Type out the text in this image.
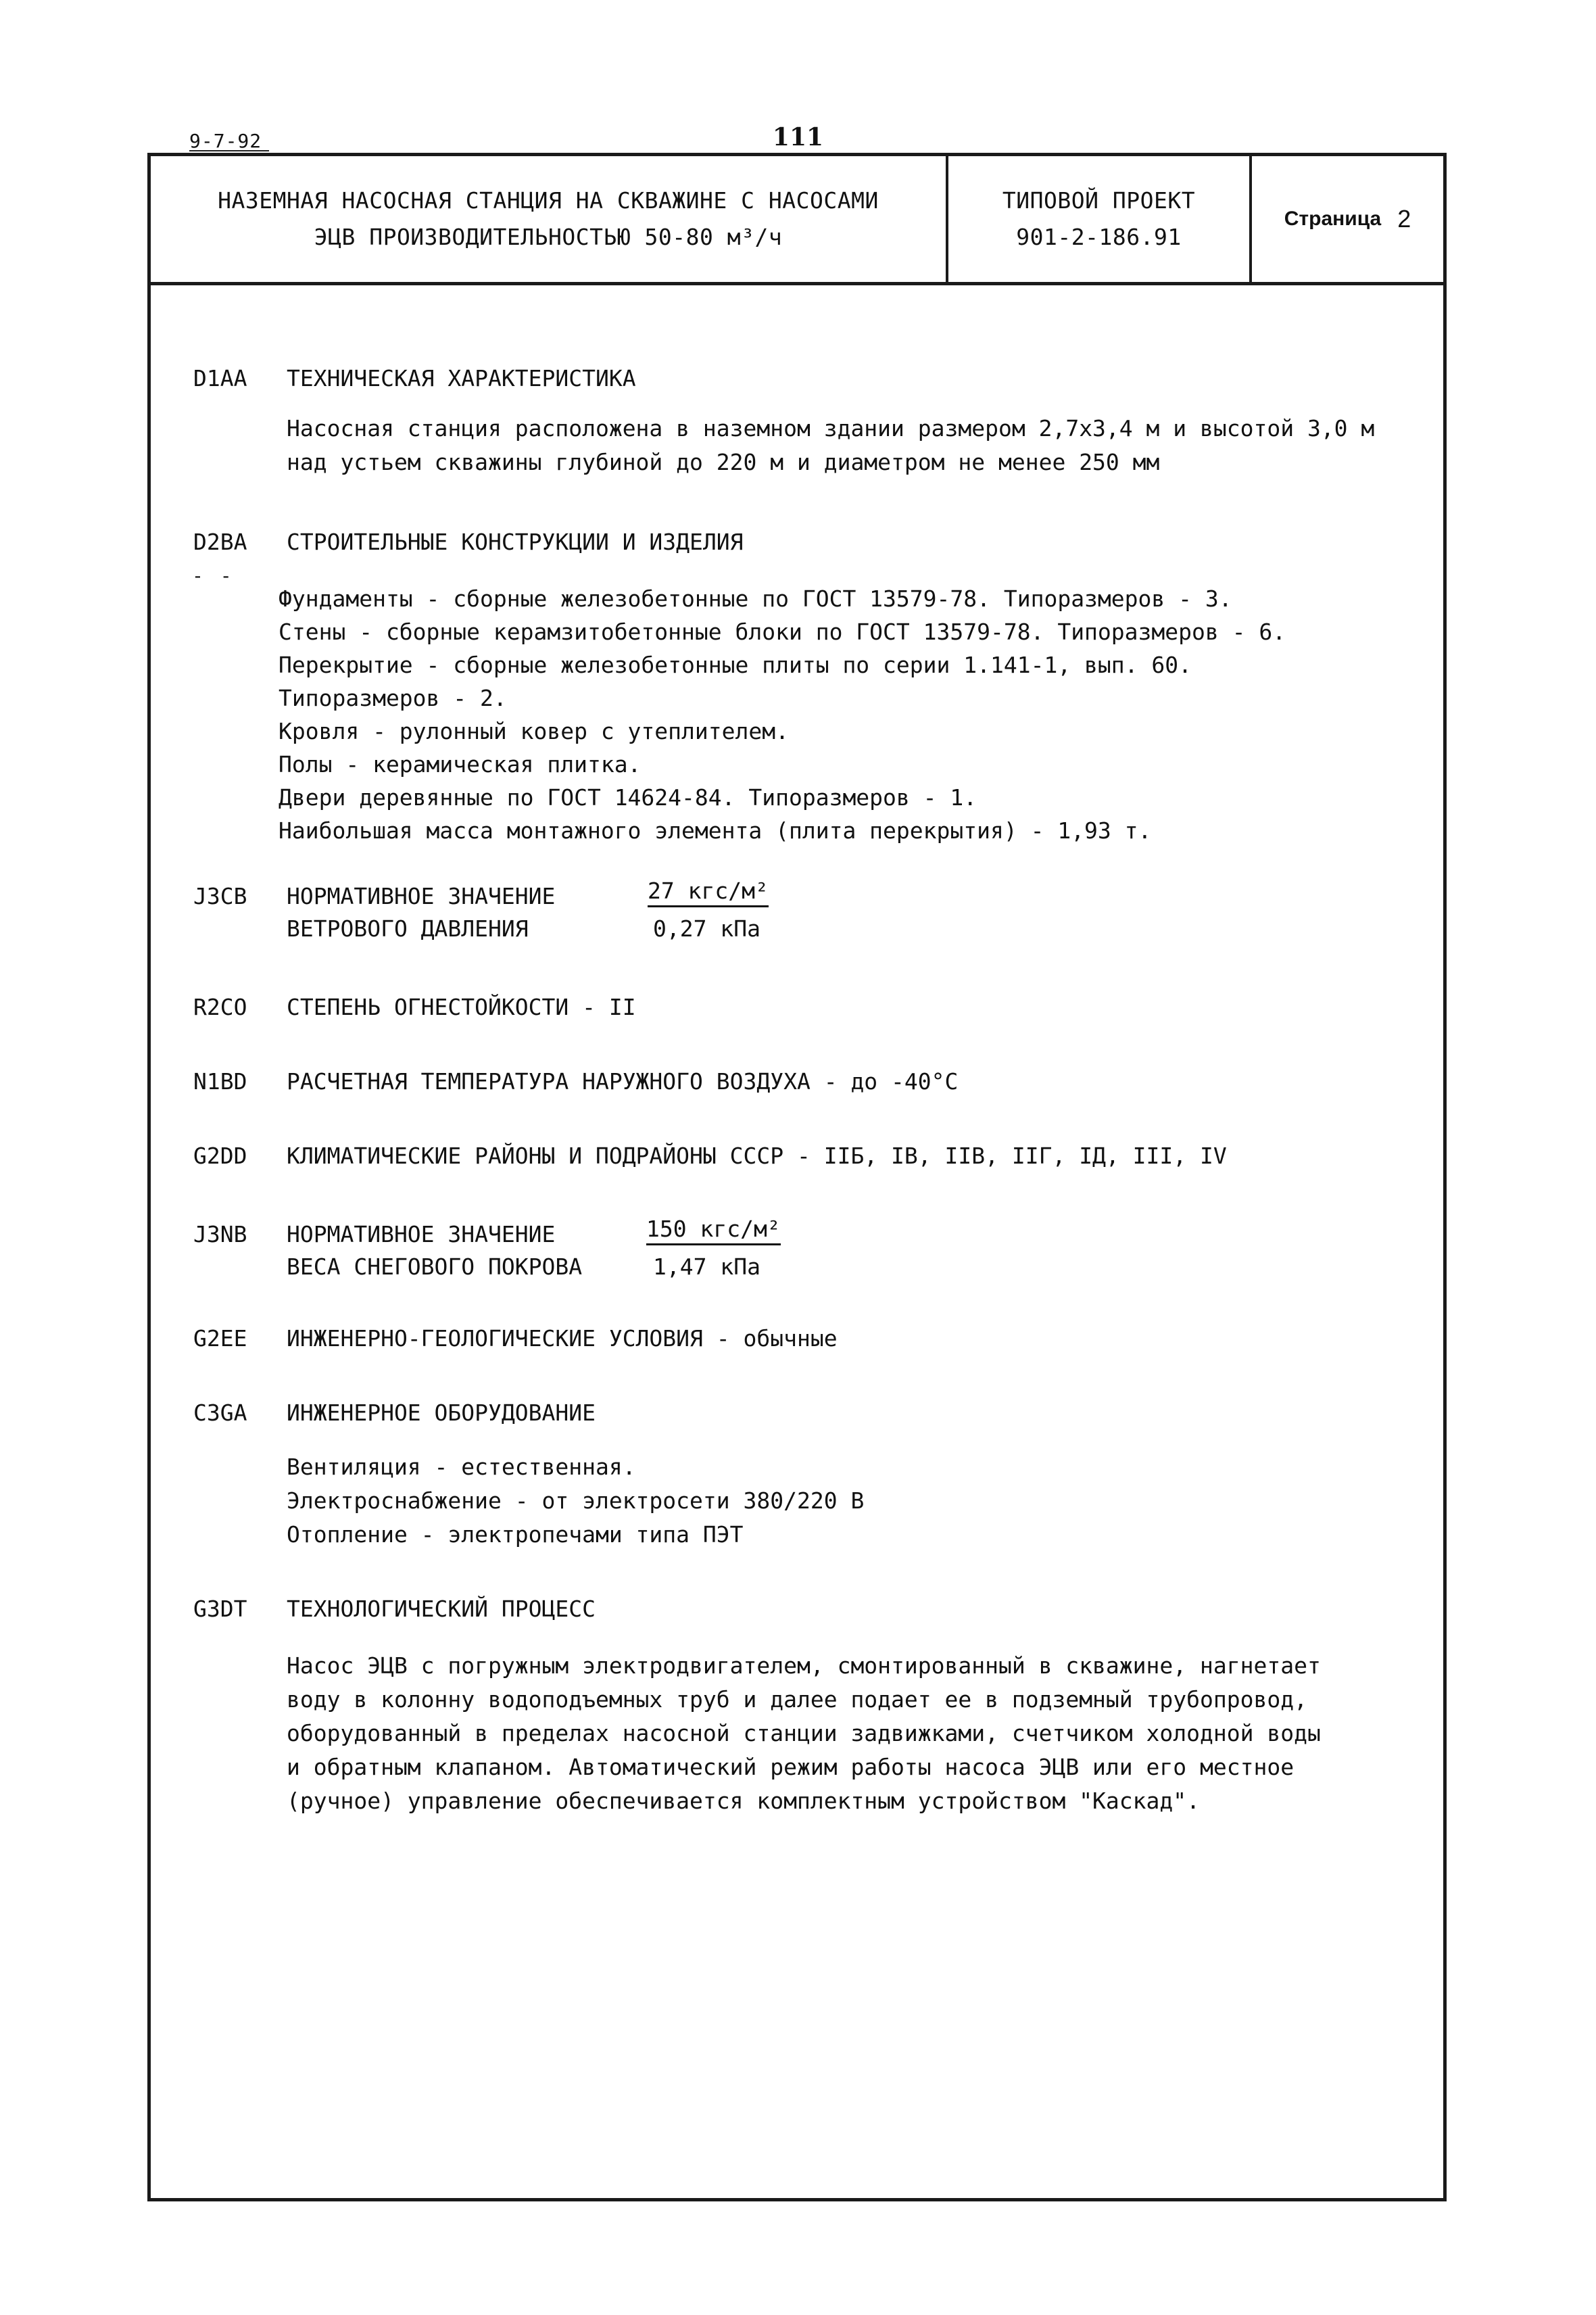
9-7-92	111
НАЗЕМНАЯ НАСОСНАЯ СТАНЦИЯ НА СКВАЖИНЕ С НАСОСАМИ
ЭЦВ ПРОИЗВОДИТЕЛЬНОСТЬЮ 50-80 м³/ч
ТИПОВОЙ ПРОЕКТ
901-2-186.91
Страница 2
D1AA ТЕХНИЧЕСКАЯ ХАРАКТЕРИСТИКА
Насосная станция расположена в наземном здании размером 2,7х3,4 м и высотой 3,0 м
над устьем скважины глубиной до 220 м и диаметром не менее 250 мм
D2BA
- -
СТРОИТЕЛЬНЫЕ КОНСТРУКЦИИ И ИЗДЕЛИЯ
Фундаменты - сборные железобетонные по ГОСТ 13579-78. Типоразмеров - 3.
Стены - сборные керамзитобетонные блоки по ГОСТ 13579-78. Типоразмеров - 6.
Перекрытие - сборные железобетонные плиты по серии 1.141-1, вып. 60.
Типоразмеров - 2.
Кровля - рулонный ковер с утеплителем.
Полы - керамическая плитка.
Двери деревянные по ГОСТ 14624-84. Типоразмеров - 1.
Наибольшая масса монтажного элемента (плита перекрытия) - 1,93 т.
J3CB НОРМАТИВНОЕ ЗНАЧЕНИЕ
ВЕТРОВОГО ДАВЛЕНИЯ
27 кгс/м²
0,27 кПа
R2CO СТЕПЕНЬ ОГНЕСТОЙКОСТИ - II
N1BD РАСЧЕТНАЯ ТЕМПЕРАТУРА НАРУЖНОГО ВОЗДУХА - до -40°С
G2DD КЛИМАТИЧЕСКИЕ РАЙОНЫ И ПОДРАЙОНЫ СССР - IIБ, IВ, IIВ, IIГ, IД, III, IV
J3NB НОРМАТИВНОЕ ЗНАЧЕНИЕ
ВЕСА СНЕГОВОГО ПОКРОВА
150 кгс/м²
1,47 кПа
G2EE ИНЖЕНЕРНО-ГЕОЛОГИЧЕСКИЕ УСЛОВИЯ - обычные
C3GA ИНЖЕНЕРНОЕ ОБОРУДОВАНИЕ
Вентиляция - естественная.
Электроснабжение - от электросети 380/220 В
Отопление - электропечами типа ПЭТ
G3DT ТЕХНОЛОГИЧЕСКИЙ ПРОЦЕСС
Насос ЭЦВ с погружным электродвигателем, смонтированный в скважине, нагнетает
воду в колонну водоподъемных труб и далее подает ее в подземный трубопровод,
оборудованный в пределах насосной станции задвижками, счетчиком холодной воды
и обратным клапаном. Автоматический режим работы насоса ЭЦВ или его местное
(ручное) управление обеспечивается комплектным устройством "Каскад".
